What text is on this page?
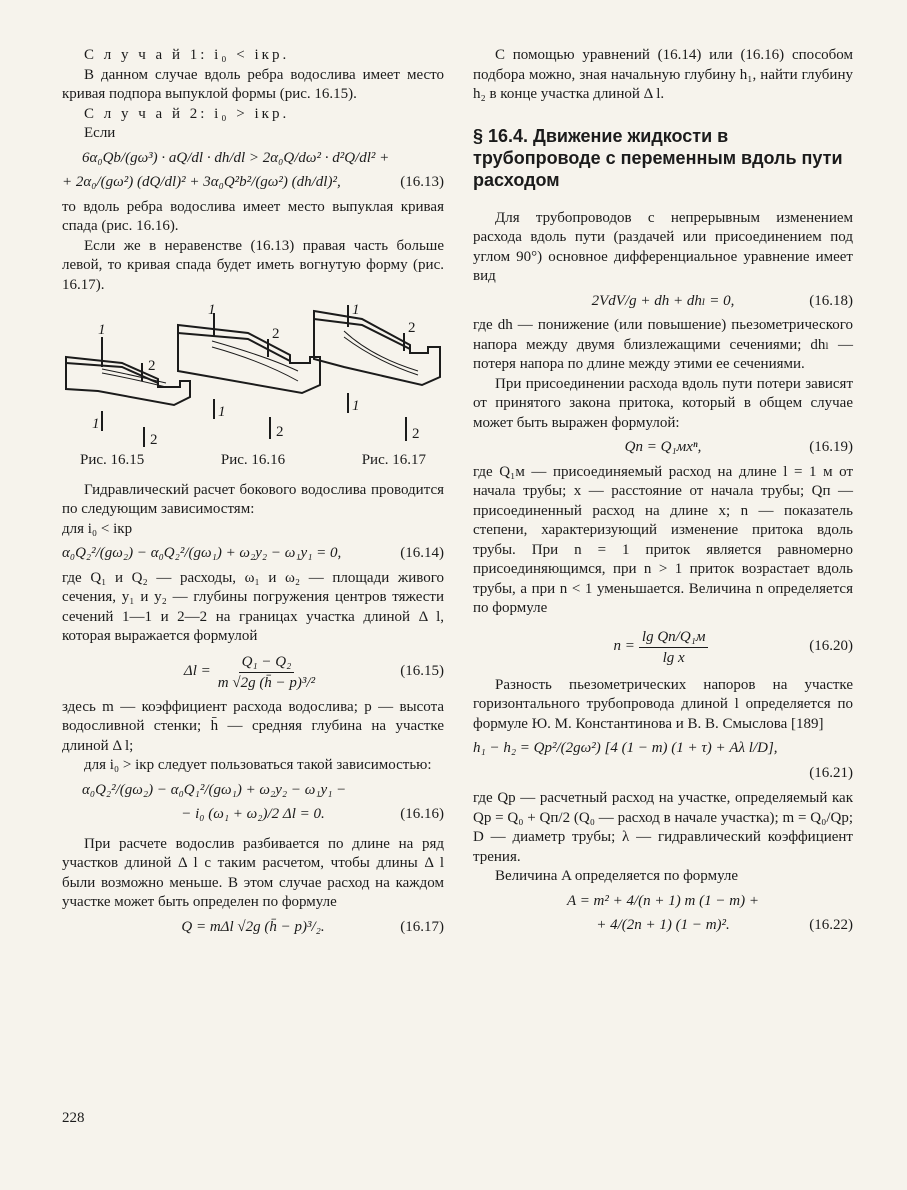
С л у ч а й 1: i₀ < iкр.

В данном случае вдоль ребра водослива имеет место кривая подпора выпуклой формы (рис. 16.15).

С л у ч а й 2: i₀ > iкр.

Если

6α₀Qb/(gω³) · aQ/dl · dh/dl > 2α₀Q/dω² · d²Q/dl² +
+ 2α₀/(gω²) (dQ/dl)² + 3α₀Q²b²/(gω²) (dh/dl)²,	(16.13)

то вдоль ребра водослива имеет место выпуклая кривая спада (рис. 16.16).

Если же в неравенстве (16.13) правая часть больше левой, то кривая спада будет иметь вогнутую форму (рис. 16.17).

1
2
1
2
1
2
1
2
1
2
1
2
Рис. 16.15	Рис. 16.16	Рис. 16.17

Гидравлический расчет бокового водослива проводится по следующим зависимостям:

для i₀ < iкр

α₀Q₂²/(gω₂) − α₀Q₂²/(gω₁) + ω₂y₂ − ω₁y₁ = 0,	(16.14)

где Q₁ и Q₂ — расходы, ω₁ и ω₂ — площади живого сечения, y₁ и y₂ — глубины погружения центров тяжести сечений 1—1 и 2—2 на границах участка длиной Δ l, которая выражается формулой

$\Delta l = \frac{\text{Q₁ − Q₂}}{\text{m √2g (h̄ − p)³/²}}$	(16.15)

здесь m — коэффициент расхода водослива; p — высота водосливной стенки; h̄ — средняя глубина на участке длиной Δ l;

для i₀ > iкр следует пользоваться такой зависимостью:

α₀Q₂²/(gω₂) − α₀Q₁²/(gω₁) + ω₂y₂ − ω₁y₁ −
− i₀ (ω₁ + ω₂)/2 Δl = 0.	(16.16)

При расчете водослив разбивается по длине на ряд участков длиной Δ l с таким расчетом, чтобы длины Δ l были возможно меньше. В этом случае расход на каждом участке может быть определен по формуле

Q = mΔl √2g (h̄ − p)³/₂.	(16.17)

С помощью уравнений (16.14) или (16.16) способом подбора можно, зная начальную глубину h₁, найти глубину h₂ в конце участка длиной Δ l.

§ 16.4. Движение жидкости в трубопроводе с переменным вдоль пути расходом

Для трубопроводов с непрерывным изменением расхода вдоль пути (раздачей или присоединением под углом 90°) основное дифференциальное уравнение имеет вид

2VdV/g + dh + dhₗ = 0,	(16.18)

где dh — понижение (или повышение) пьезометрического напора между двумя близлежащими сечениями; dhₗ — потеря напора по длине между этими ее сечениями.

При присоединении расхода вдоль пути потери зависят от принятого закона притока, который в общем случае может быть выражен формулой:

Qп = Q₁мxⁿ,	(16.19)

где Q₁м — присоединяемый расход на длине l = 1 м от начала трубы; x — расстояние от начала трубы; Qп — присоединенный расход на длине x; n — показатель степени, характеризующий изменение притока вдоль трубы. При n = 1 приток является равномерно присоединяющимся, при n > 1 приток возрастает вдоль трубы, а при n < 1 уменьшается. Величина n определяется по формуле

$n = \frac{\text{lg Qп/Q₁м}}{\text{lg x}}$	(16.20)

Разность пьезометрических напоров на участке горизонтального трубопровода длиной l определяется по формуле Ю. М. Константинова и В. В. Смыслова [189]

h₁ − h₂ = Qр²/(2gω²) [4 (1 − m) (1 + τ) + Aλ l/D],
(16.21)

где Qр — расчетный расход на участке, определяемый как Qр = Q₀ + Qп/2 (Q₀ — расход в начале участка); m = Q₀/Qр; D — диаметр трубы; λ — гидравлический коэффициент трения.

Величина A определяется по формуле

A = m² + 4/(n + 1) m (1 − m) +
+ 4/(2n + 1) (1 − m)².	(16.22)
228
